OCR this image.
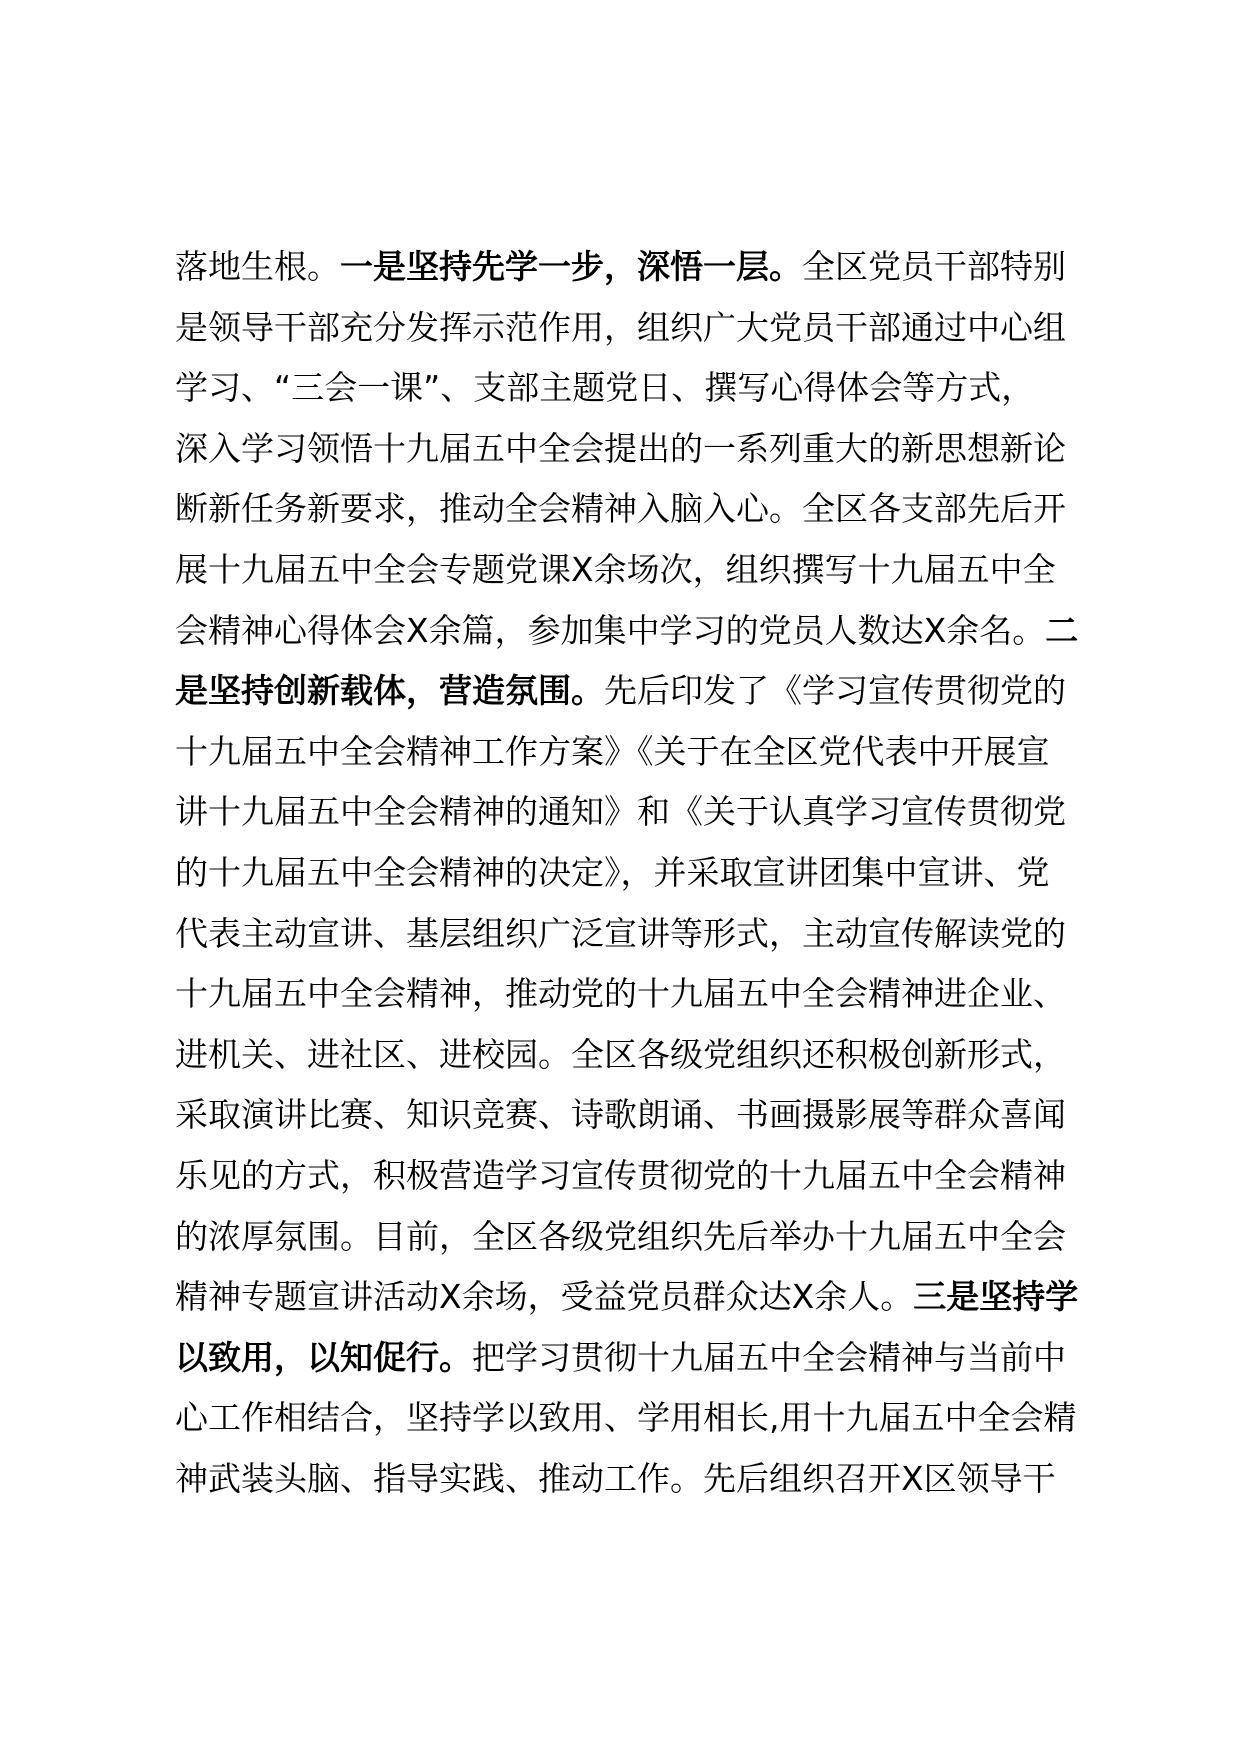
落地生根。一是坚持先学一步，深悟一层。全区党员干部特别
是领导干部充分发挥示范作用，组织广大党员干部通过中心组
学习、“三会一课”、支部主题党日、撰写心得体会等方式，
深入学习领悟十九届五中全会提出的一系列重大的新思想新论
断新任务新要求，推动全会精神入脑入心。全区各支部先后开
展十九届五中全会专题党课X余场次，组织撰写十九届五中全
会精神心得体会X余篇，参加集中学习的党员人数达X余名。二
是坚持创新载体，营造氛围。先后印发了《学习宣传贯彻党的
十九届五中全会精神工作方案》《关于在全区党代表中开展宣
讲十九届五中全会精神的通知》和《关于认真学习宣传贯彻党
的十九届五中全会精神的决定》，并采取宣讲团集中宣讲、党
代表主动宣讲、基层组织广泛宣讲等形式，主动宣传解读党的
十九届五中全会精神，推动党的十九届五中全会精神进企业、
进机关、进社区、进校园。全区各级党组织还积极创新形式，
采取演讲比赛、知识竞赛、诗歌朗诵、书画摄影展等群众喜闻
乐见的方式，积极营造学习宣传贯彻党的十九届五中全会精神
的浓厚氛围。目前，全区各级党组织先后举办十九届五中全会
精神专题宣讲活动X余场，受益党员群众达X余人。三是坚持学
以致用，以知促行。把学习贯彻十九届五中全会精神与当前中
心工作相结合，坚持学以致用、学用相长,用十九届五中全会精
神武装头脑、指导实践、推动工作。先后组织召开X区领导干
